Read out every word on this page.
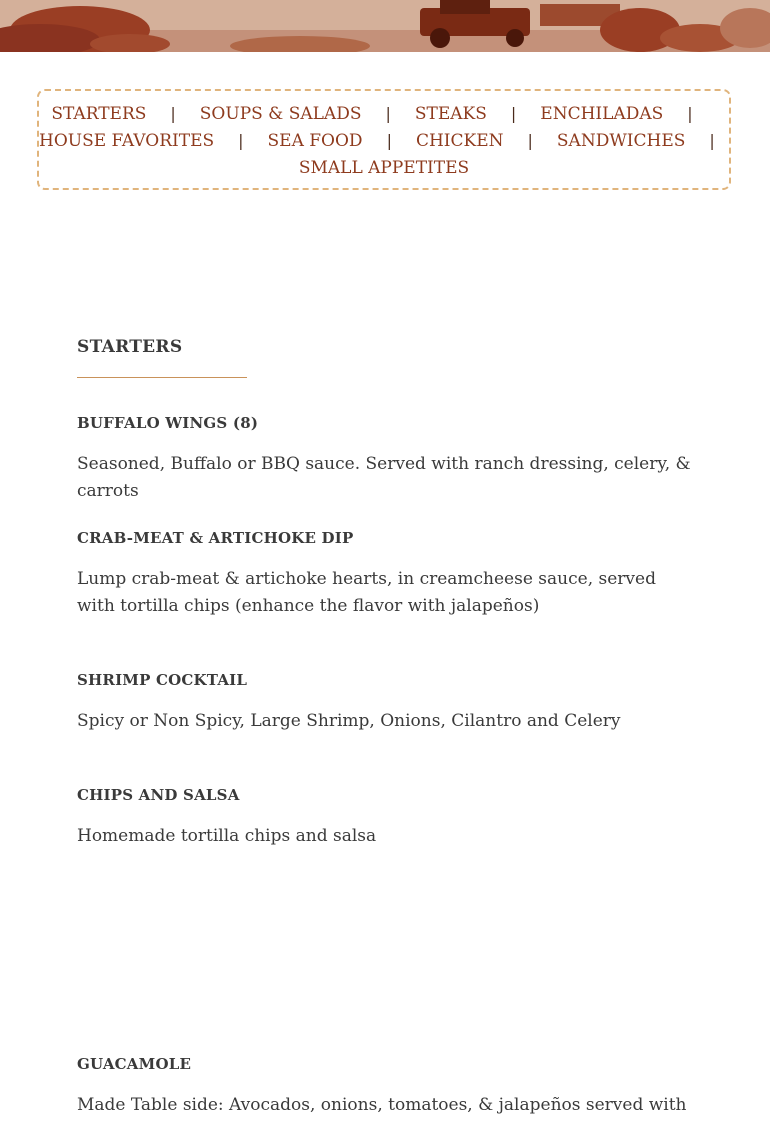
STARTERS | SOUPS & SALADS | STEAKS | ENCHILADAS |
HOUSE FAVORITES | SEA FOOD | CHICKEN | SANDWICHES |
SMALL APPETITES
STARTERS
BUFFALO WINGS (8)
Seasoned, Buffalo or BBQ sauce. Served with ranch dressing, celery, & carrots
CRAB-MEAT & ARTICHOKE DIP
Lump crab-meat & artichoke hearts, in creamcheese sauce, served with tortilla chips (enhance the flavor with jalapeños)
SHRIMP COCKTAIL
Spicy or Non Spicy, Large Shrimp, Onions, Cilantro and Celery
CHIPS AND SALSA
Homemade tortilla chips and salsa
GUACAMOLE
Made Table side: Avocados, onions, tomatoes, & jalapeños served with
